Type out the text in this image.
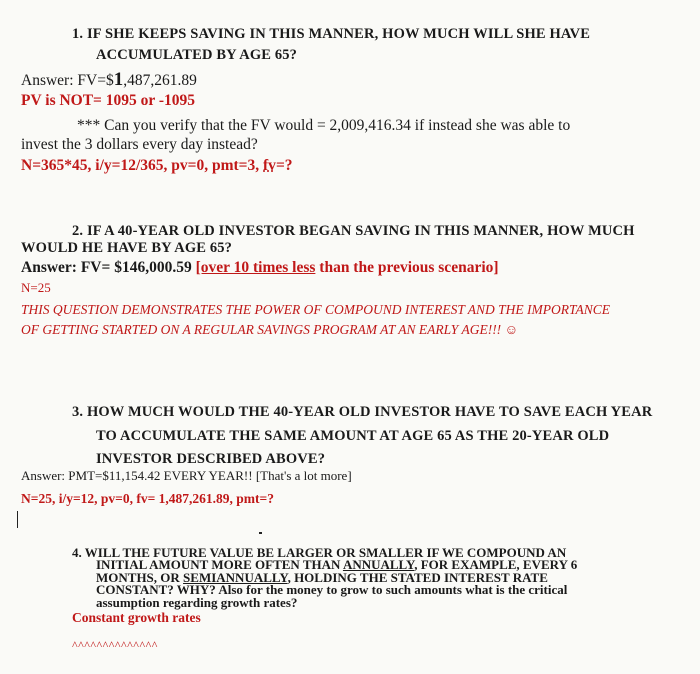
1. IF SHE KEEPS SAVING IN THIS MANNER, HOW MUCH WILL SHE HAVE
ACCUMULATED BY AGE 65?
Answer: FV=$1,487,261.89
PV is NOT= 1095 or -1095
*** Can you verify that the FV would = 2,009,416.34 if instead she was able to
invest the 3 dollars every day instead?
N=365*45, i/y=12/365, pv=0, pmt=3, fv=?
2. IF A 40-YEAR OLD INVESTOR BEGAN SAVING IN THIS MANNER, HOW MUCH
WOULD HE HAVE BY AGE 65?
Answer: FV= $146,000.59 [over 10 times less than the previous scenario]
N=25
THIS QUESTION DEMONSTRATES THE POWER OF COMPOUND INTEREST AND THE IMPORTANCE
OF GETTING STARTED ON A REGULAR SAVINGS PROGRAM AT AN EARLY AGE!!! ☺
3. HOW MUCH WOULD THE 40-YEAR OLD INVESTOR HAVE TO SAVE EACH YEAR
TO ACCUMULATE THE SAME AMOUNT AT AGE 65 AS THE 20-YEAR OLD
INVESTOR DESCRIBED ABOVE?
Answer: PMT=$11,154.42 EVERY YEAR!! [That's a lot more]
N=25, i/y=12, pv=0, fv= 1,487,261.89, pmt=?
4. WILL THE FUTURE VALUE BE LARGER OR SMALLER IF WE COMPOUND AN
INITIAL AMOUNT MORE OFTEN THAN ANNUALLY, FOR EXAMPLE, EVERY 6
MONTHS, OR SEMIANNUALLY, HOLDING THE STATED INTEREST RATE
CONSTANT? WHY? Also for the money to grow to such amounts what is the critical
assumption regarding growth rates?
Constant growth rates
^^^^^^^^^^^^^^
